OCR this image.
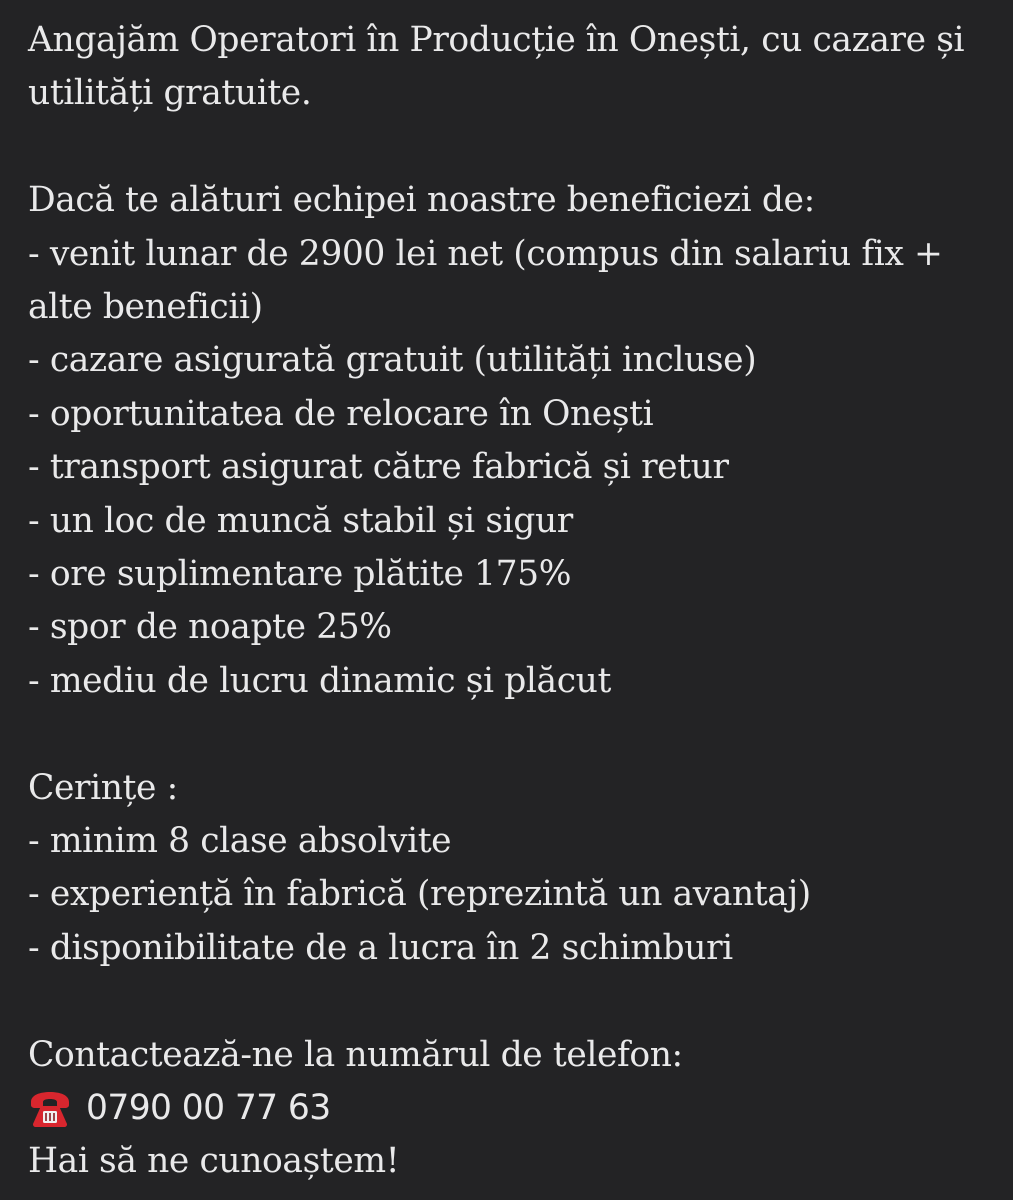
Angajăm Operatori în Producție în Onești, cu cazare și
utilități gratuite.
Dacă te alături echipei noastre beneficiezi de:
- venit lunar de 2900 lei net (compus din salariu fix +
alte beneficii)
- cazare asigurată gratuit (utilități incluse)
- oportunitatea de relocare în Onești
- transport asigurat către fabrică și retur
- un loc de muncă stabil și sigur
- ore suplimentare plătite 175%
- spor de noapte 25%
- mediu de lucru dinamic și plăcut
Cerințe :
- minim 8 clase absolvite
- experiență în fabrică (reprezintă un avantaj)
- disponibilitate de a lucra în 2 schimburi
Contactează-ne la numărul de telefon:
0790 00 77 63
Hai să ne cunoaștem!
